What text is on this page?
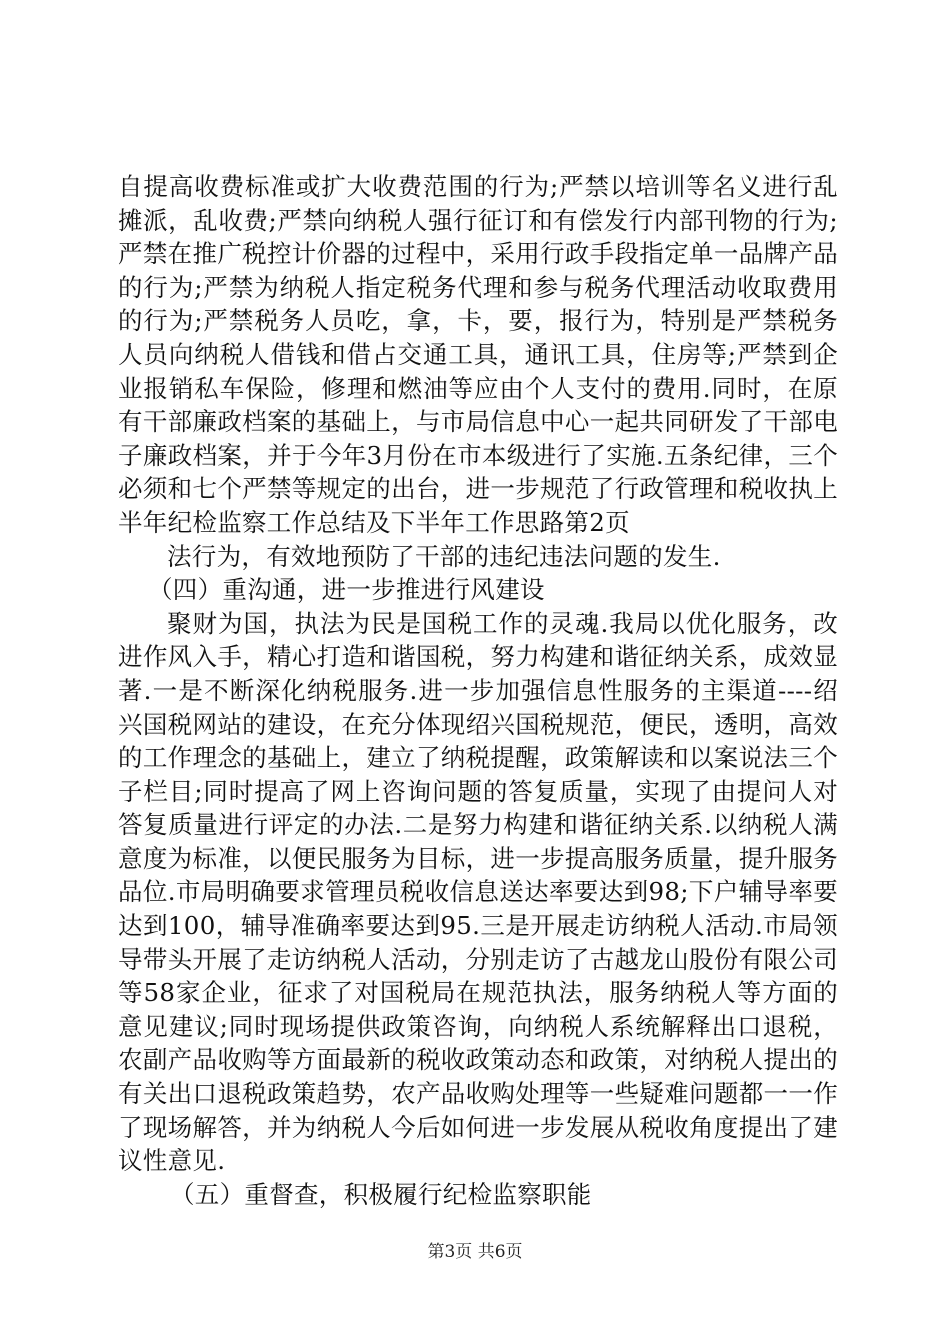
自提高收费标准或扩大收费范围的行为;严禁以培训等名义进行乱摊派，乱收费;严禁向纳税人强行征订和有偿发行内部刊物的行为;严禁在推广税控计价器的过程中，采用行政手段指定单一品牌产品的行为;严禁为纳税人指定税务代理和参与税务代理活动收取费用的行为;严禁税务人员吃，拿，卡，要，报行为，特别是严禁税务人员向纳税人借钱和借占交通工具，通讯工具，住房等;严禁到企业报销私车保险，修理和燃油等应由个人支付的费用.同时，在原有干部廉政档案的基础上，与市局信息中心一起共同研发了干部电子廉政档案，并于今年3月份在市本级进行了实施.五条纪律，三个必须和七个严禁等规定的出台，进一步规范了行政管理和税收执上半年纪检监察工作总结及下半年工作思路第2页

法行为，有效地预防了干部的违纪违法问题的发生.

（四）重沟通，进一步推进行风建设

聚财为国，执法为民是国税工作的灵魂.我局以优化服务，改进作风入手，精心打造和谐国税，努力构建和谐征纳关系，成效显著.一是不断深化纳税服务.进一步加强信息性服务的主渠道----绍兴国税网站的建设，在充分体现绍兴国税规范，便民，透明，高效的工作理念的基础上，建立了纳税提醒，政策解读和以案说法三个子栏目;同时提高了网上咨询问题的答复质量，实现了由提问人对答复质量进行评定的办法.二是努力构建和谐征纳关系.以纳税人满意度为标准，以便民服务为目标，进一步提高服务质量，提升服务品位.市局明确要求管理员税收信息送达率要达到98;下户辅导率要达到100，辅导准确率要达到95.三是开展走访纳税人活动.市局领导带头开展了走访纳税人活动，分别走访了古越龙山股份有限公司等58家企业，征求了对国税局在规范执法，服务纳税人等方面的意见建议;同时现场提供政策咨询，向纳税人系统解释出口退税，农副产品收购等方面最新的税收政策动态和政策，对纳税人提出的有关出口退税政策趋势，农产品收购处理等一些疑难问题都一一作了现场解答，并为纳税人今后如何进一步发展从税收角度提出了建议性意见.

（五）重督查，积极履行纪检监察职能

第3页 共6页
